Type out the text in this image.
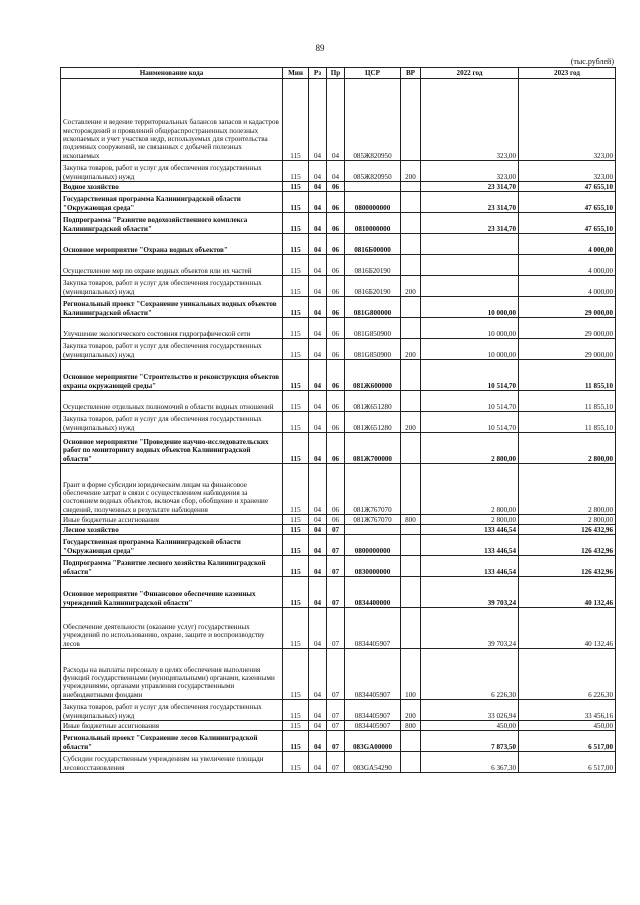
89
(тыс.рублей)
Наименование кода	Мин	Рз	Пр	ЦСР	ВР	2022 год	2023 год
Составление и ведение территориальных балансов запасов и кадастров месторождений и проявлений общераспространенных полезных ископаемых и учет участков недр, используемых для строительства подземных сооружений, не связанных с добычей полезных ископаемых	115	04	04	085Ж820950		323,00	323,00
Закупка товаров, работ и услуг для обеспечения государственных (муниципальных) нужд	115	04	04	085Ж820950	200	323,00	323,00
Водное хозяйство	115	04	06			23 314,70	47 655,10
Государственная программа Калининградской области "Окружающая среда"	115	04	06	0800000000		23 314,70	47 655,10
Подпрограмма "Развитие водохозяйственного комплекса Калининградской области"	115	04	06	0810000000		23 314,70	47 655,10
Основное мероприятие "Охрана водных объектов"	115	04	06	0816Б00000			4 000,00
Осуществление мер по охране водных объектов или их частей	115	04	06	0816Б20190			4 000,00
Закупка товаров, работ и услуг для обеспечения государственных (муниципальных) нужд	115	04	06	0816Б20190	200		4 000,00
Региональный проект "Сохранение уникальных водных объектов Калининградской области"	115	04	06	081G800000		10 000,00	29 000,00
Улучшение экологического состояния гидрографической сети	115	04	06	081G850900		10 000,00	29 000,00
Закупка товаров, работ и услуг для обеспечения государственных (муниципальных) нужд	115	04	06	081G850900	200	10 000,00	29 000,00
Основное мероприятие "Строительство и реконструкция объектов охраны окружающей среды"	115	04	06	081Ж600000		10 514,70	11 855,10
Осуществление отдельных полномочий в области водных отношений	115	04	06	081Ж651280		10 514,70	11 855,10
Закупка товаров, работ и услуг для обеспечения государственных (муниципальных) нужд	115	04	06	081Ж651280	200	10 514,70	11 855,10
Основное мероприятие "Проведение научно-исследовательских работ по мониторингу водных объектов Калининградской области"	115	04	06	081Ж700000		2 800,00	2 800,00
Грант в форме субсидии юридическим лицам на финансовое обеспечение затрат в связи с осуществлением наблюдения за состоянием водных объектов, включая сбор, обобщение и хранение сведений, полученных в результате наблюдения	115	04	06	081Ж767070		2 800,00	2 800,00
Иные бюджетные ассигнования	115	04	06	081Ж767070	800	2 800,00	2 800,00
Лесное хозяйство	115	04	07			133 446,54	126 432,96
Государственная программа Калининградской области "Окружающая среда"	115	04	07	0800000000		133 446,54	126 432,96
Подпрограмма "Развитие лесного хозяйства Калининградской области"	115	04	07	0830000000		133 446,54	126 432,96
Основное мероприятие "Финансовое обеспечение казенных учреждений Калининградской области"	115	04	07	0834400000		39 703,24	40 132,46
Обеспечение деятельности (оказание услуг) государственных учреждений по использованию, охране, защите и воспроизводству лесов	115	04	07	0834405907		39 703,24	40 132,46
Расходы на выплаты персоналу в целях обеспечения выполнения функций государственными (муниципальными) органами, казенными учреждениями, органами управления государственными внебюджетными фондами	115	04	07	0834405907	100	6 226,30	6 226,30
Закупка товаров, работ и услуг для обеспечения государственных (муниципальных) нужд	115	04	07	0834405907	200	33 026,94	33 456,16
Иные бюджетные ассигнования	115	04	07	0834405907	800	450,00	450,00
Региональный проект "Сохранение лесов Калининградской области"	115	04	07	083GA00000		7 873,50	6 517,00
Субсидии государственным учреждениям на увеличение площади лесовосстановления	115	04	07	083GA54290		6 367,30	6 517,00
